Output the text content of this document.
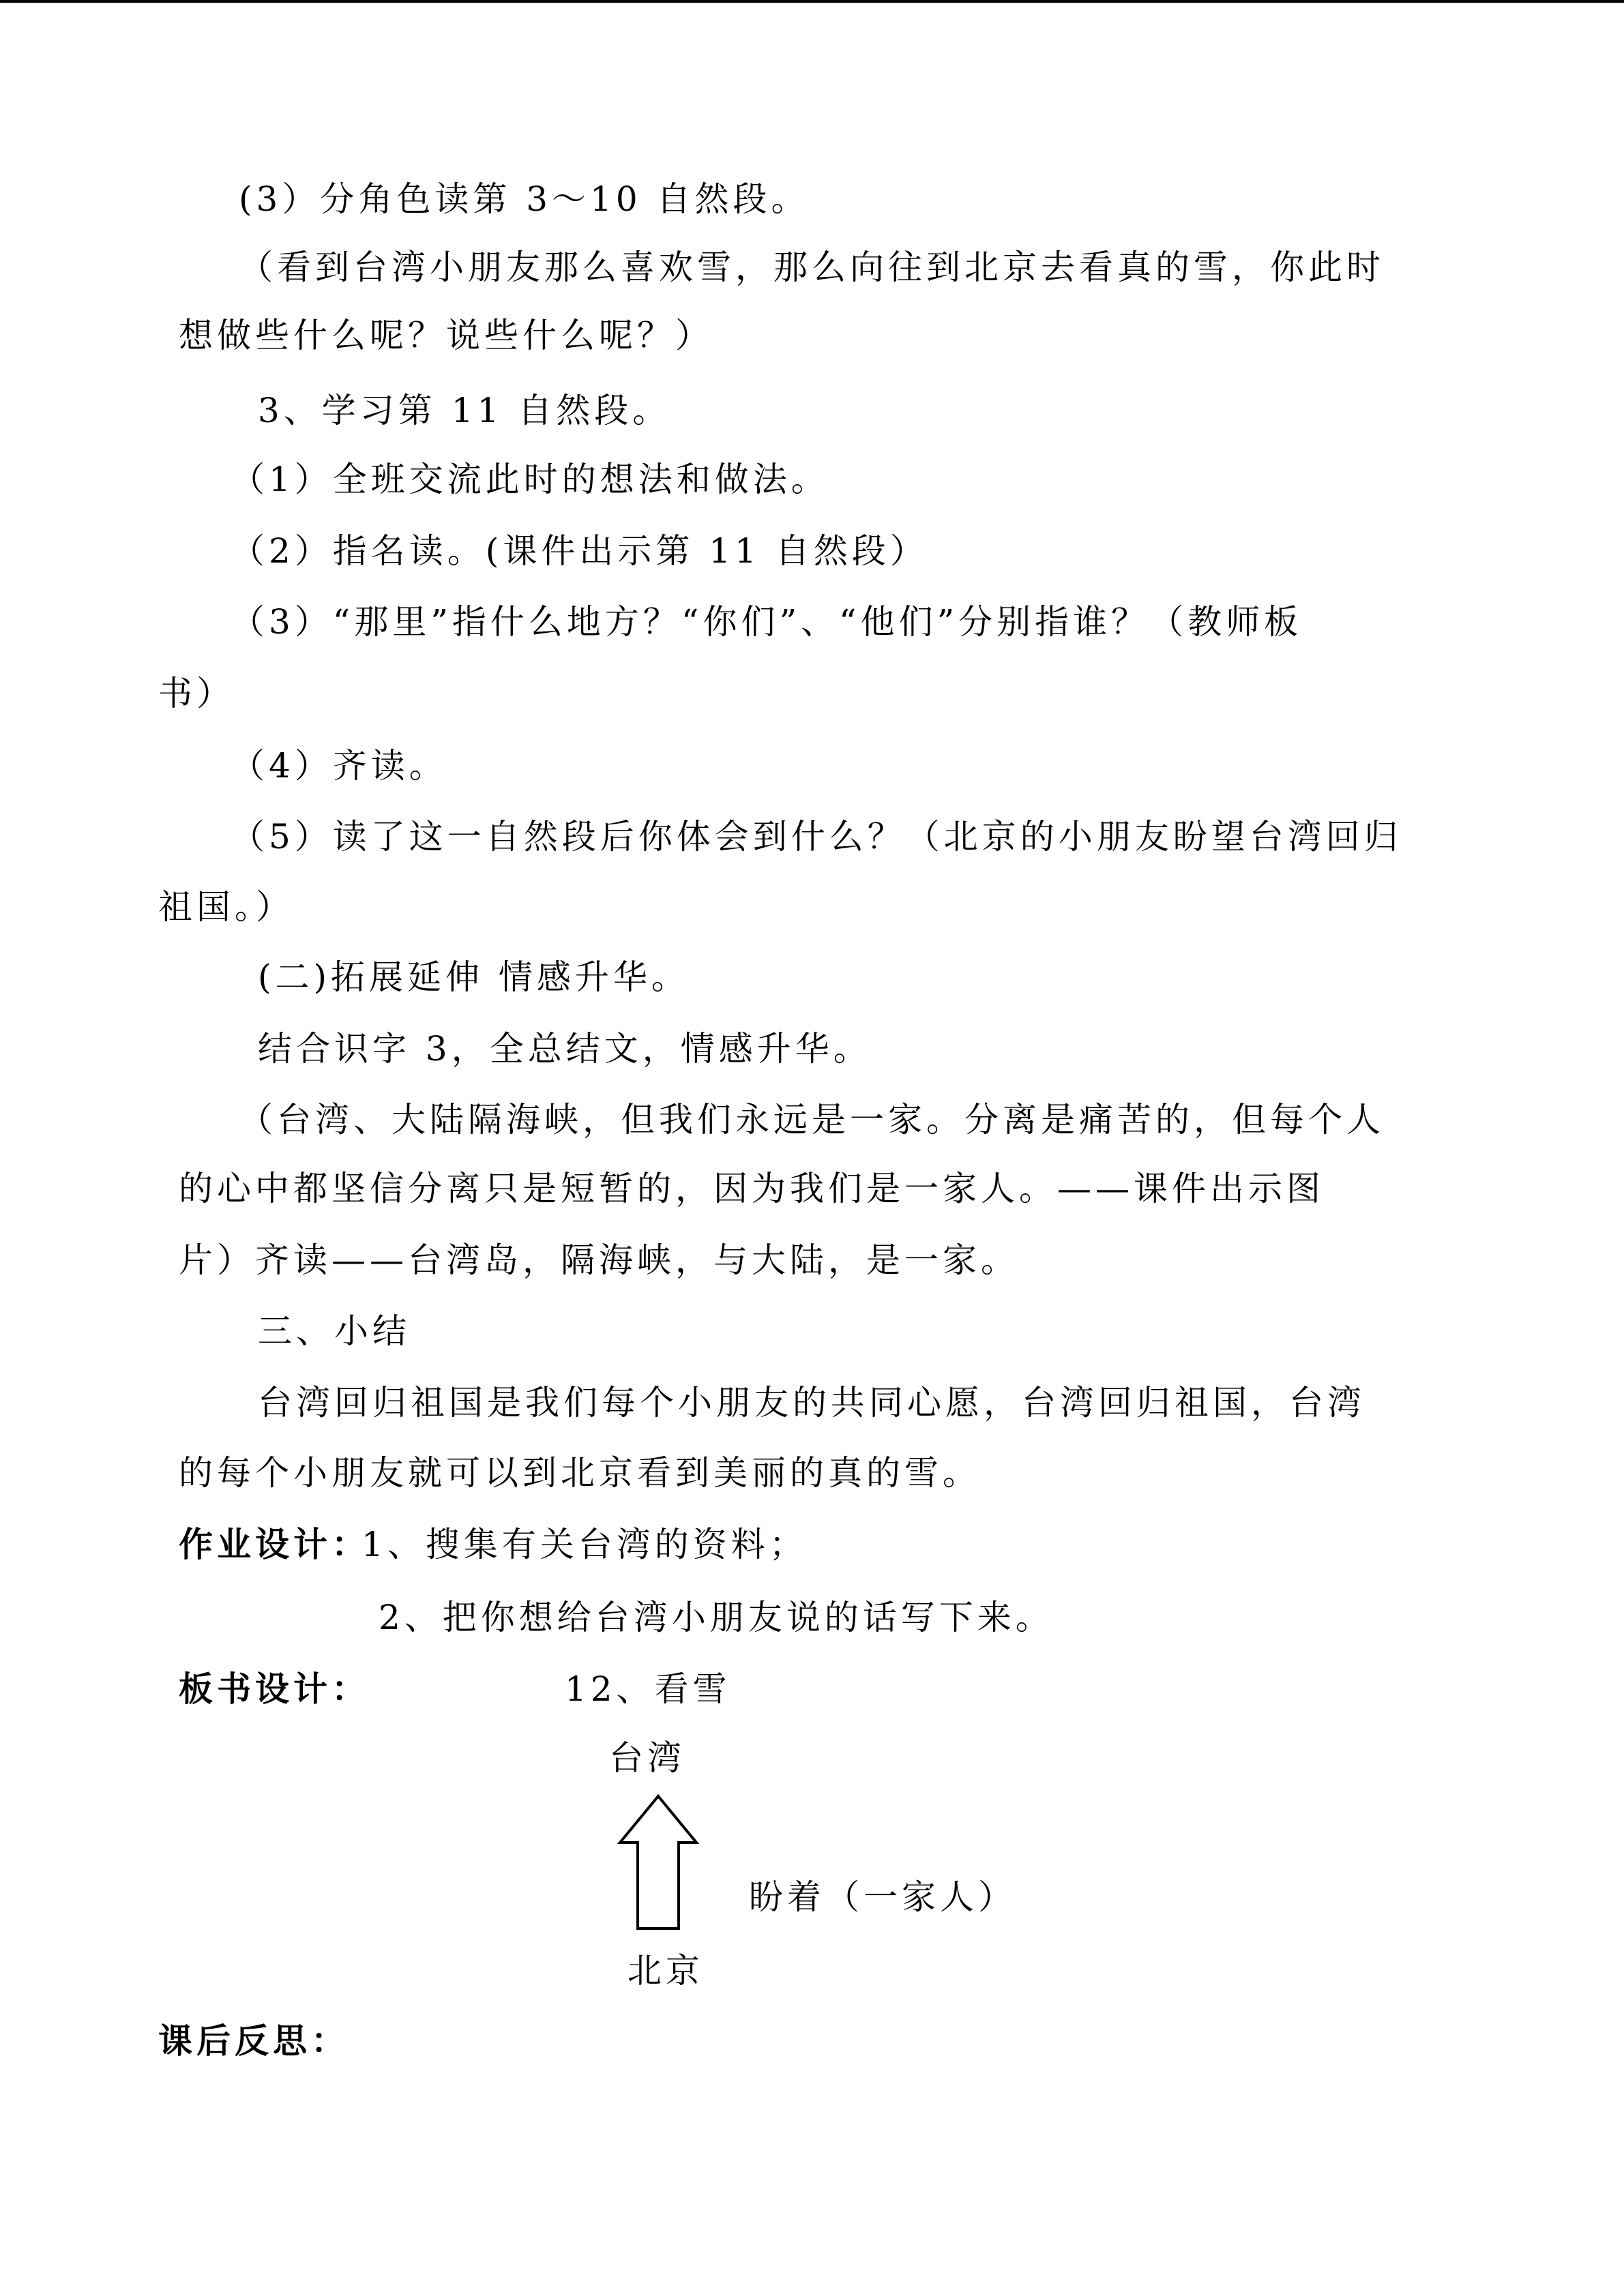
(3）分角色读第 3～10 自然段。
（看到台湾小朋友那么喜欢雪，那么向往到北京去看真的雪，你此时
想做些什么呢？说些什么呢？）
3、学习第 11 自然段。
（1）全班交流此时的想法和做法。
（2）指名读。(课件出示第 11 自然段）
（3）“那里”指什么地方？“你们”、“他们”分别指谁？（教师板
书）
（4）齐读。
（5）读了这一自然段后你体会到什么？（北京的小朋友盼望台湾回归
祖国。）
(二)拓展延伸 情感升华。
结合识字 3，全总结文，情感升华。
（台湾、大陆隔海峡，但我们永远是一家。分离是痛苦的，但每个人
的心中都坚信分离只是短暂的，因为我们是一家人。——课件出示图
片）齐读——台湾岛，隔海峡，与大陆，是一家。
三、小结
台湾回归祖国是我们每个小朋友的共同心愿，台湾回归祖国，台湾
的每个小朋友就可以到北京看到美丽的真的雪。
作业设计：
1、搜集有关台湾的资料；
2、把你想给台湾小朋友说的话写下来。
板书设计：	12、看雪
台湾
盼着（一家人）
北京
课后反思：
